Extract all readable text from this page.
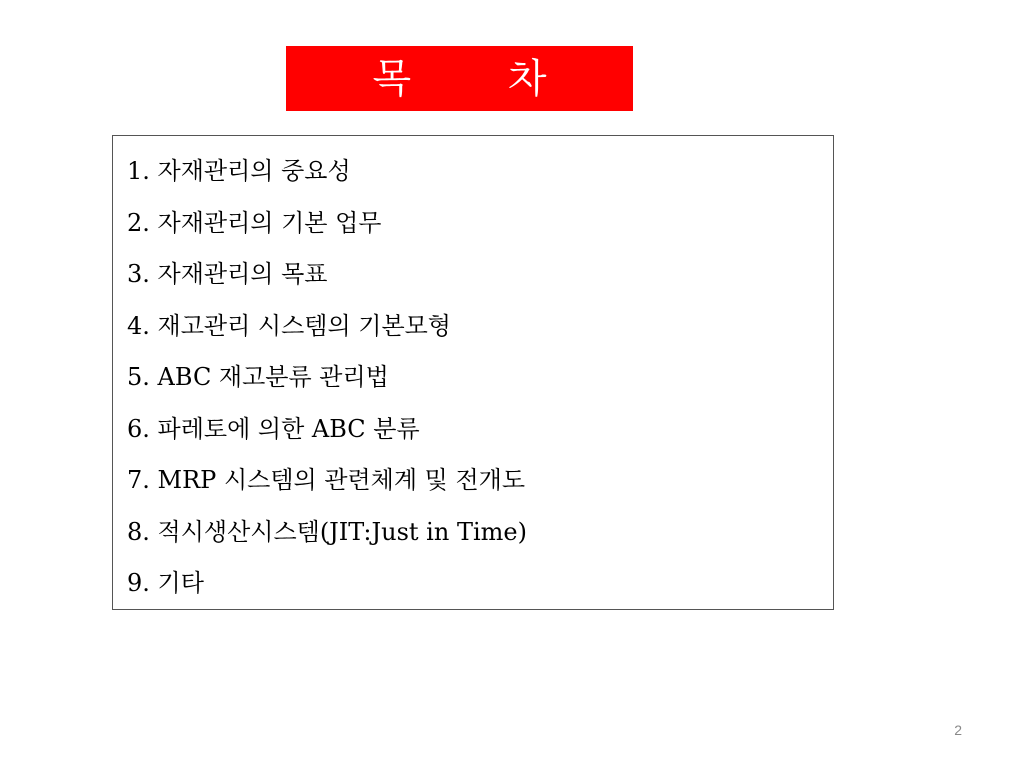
목 차
1. 자재관리의 중요성
2. 자재관리의 기본 업무
3. 자재관리의 목표
4. 재고관리 시스템의 기본모형
5. ABC 재고분류 관리법
6. 파레토에 의한 ABC 분류
7. MRP 시스템의 관련체계 및 전개도
8. 적시생산시스템(JIT:Just in Time)
9. 기타
2
